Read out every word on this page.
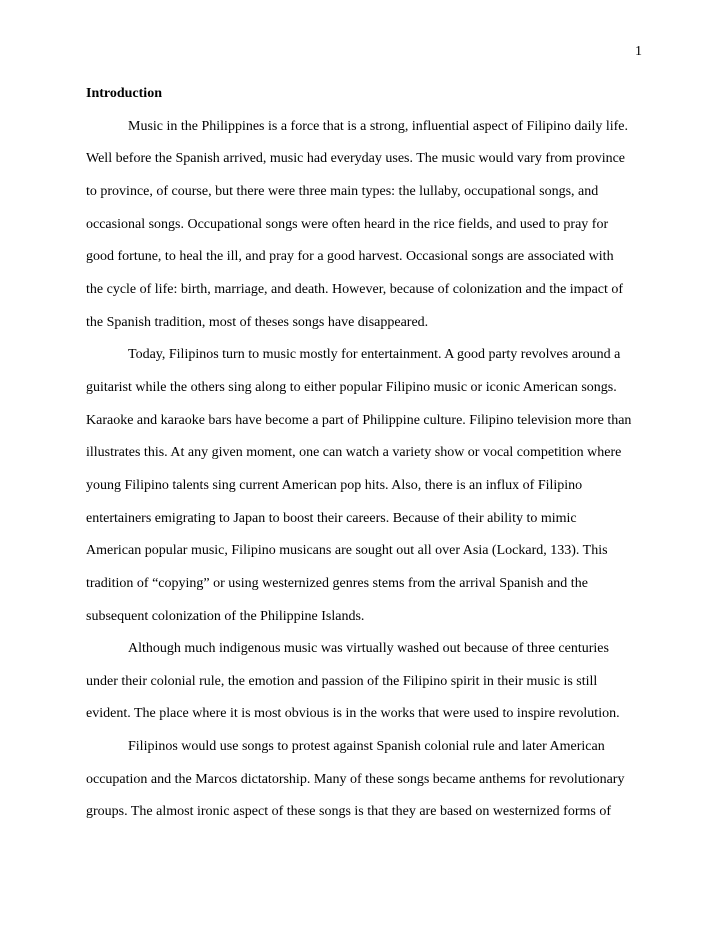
1
Introduction
Music in the Philippines is a force that is a strong, influential aspect of Filipino daily life.
Well before the Spanish arrived, music had everyday uses. The music would vary from province
to province, of course, but there were three main types: the lullaby, occupational songs, and
occasional songs. Occupational songs were often heard in the rice fields, and used to pray for
good fortune, to heal the ill, and pray for a good harvest. Occasional songs are associated with
the cycle of life: birth, marriage, and death. However, because of colonization and the impact of
the Spanish tradition, most of theses songs have disappeared.
Today, Filipinos turn to music mostly for entertainment. A good party revolves around a
guitarist while the others sing along to either popular Filipino music or iconic American songs.
Karaoke and karaoke bars have become a part of Philippine culture. Filipino television more than
illustrates this. At any given moment, one can watch a variety show or vocal competition where
young Filipino talents sing current American pop hits. Also, there is an influx of Filipino
entertainers emigrating to Japan to boost their careers. Because of their ability to mimic
American popular music, Filipino musicans are sought out all over Asia (Lockard, 133). This
tradition of “copying” or using westernized genres stems from the arrival Spanish and the
subsequent colonization of the Philippine Islands.
Although much indigenous music was virtually washed out because of three centuries
under their colonial rule, the emotion and passion of the Filipino spirit in their music is still
evident. The place where it is most obvious is in the works that were used to inspire revolution.
Filipinos would use songs to protest against Spanish colonial rule and later American
occupation and the Marcos dictatorship. Many of these songs became anthems for revolutionary
groups. The almost ironic aspect of these songs is that they are based on westernized forms of
